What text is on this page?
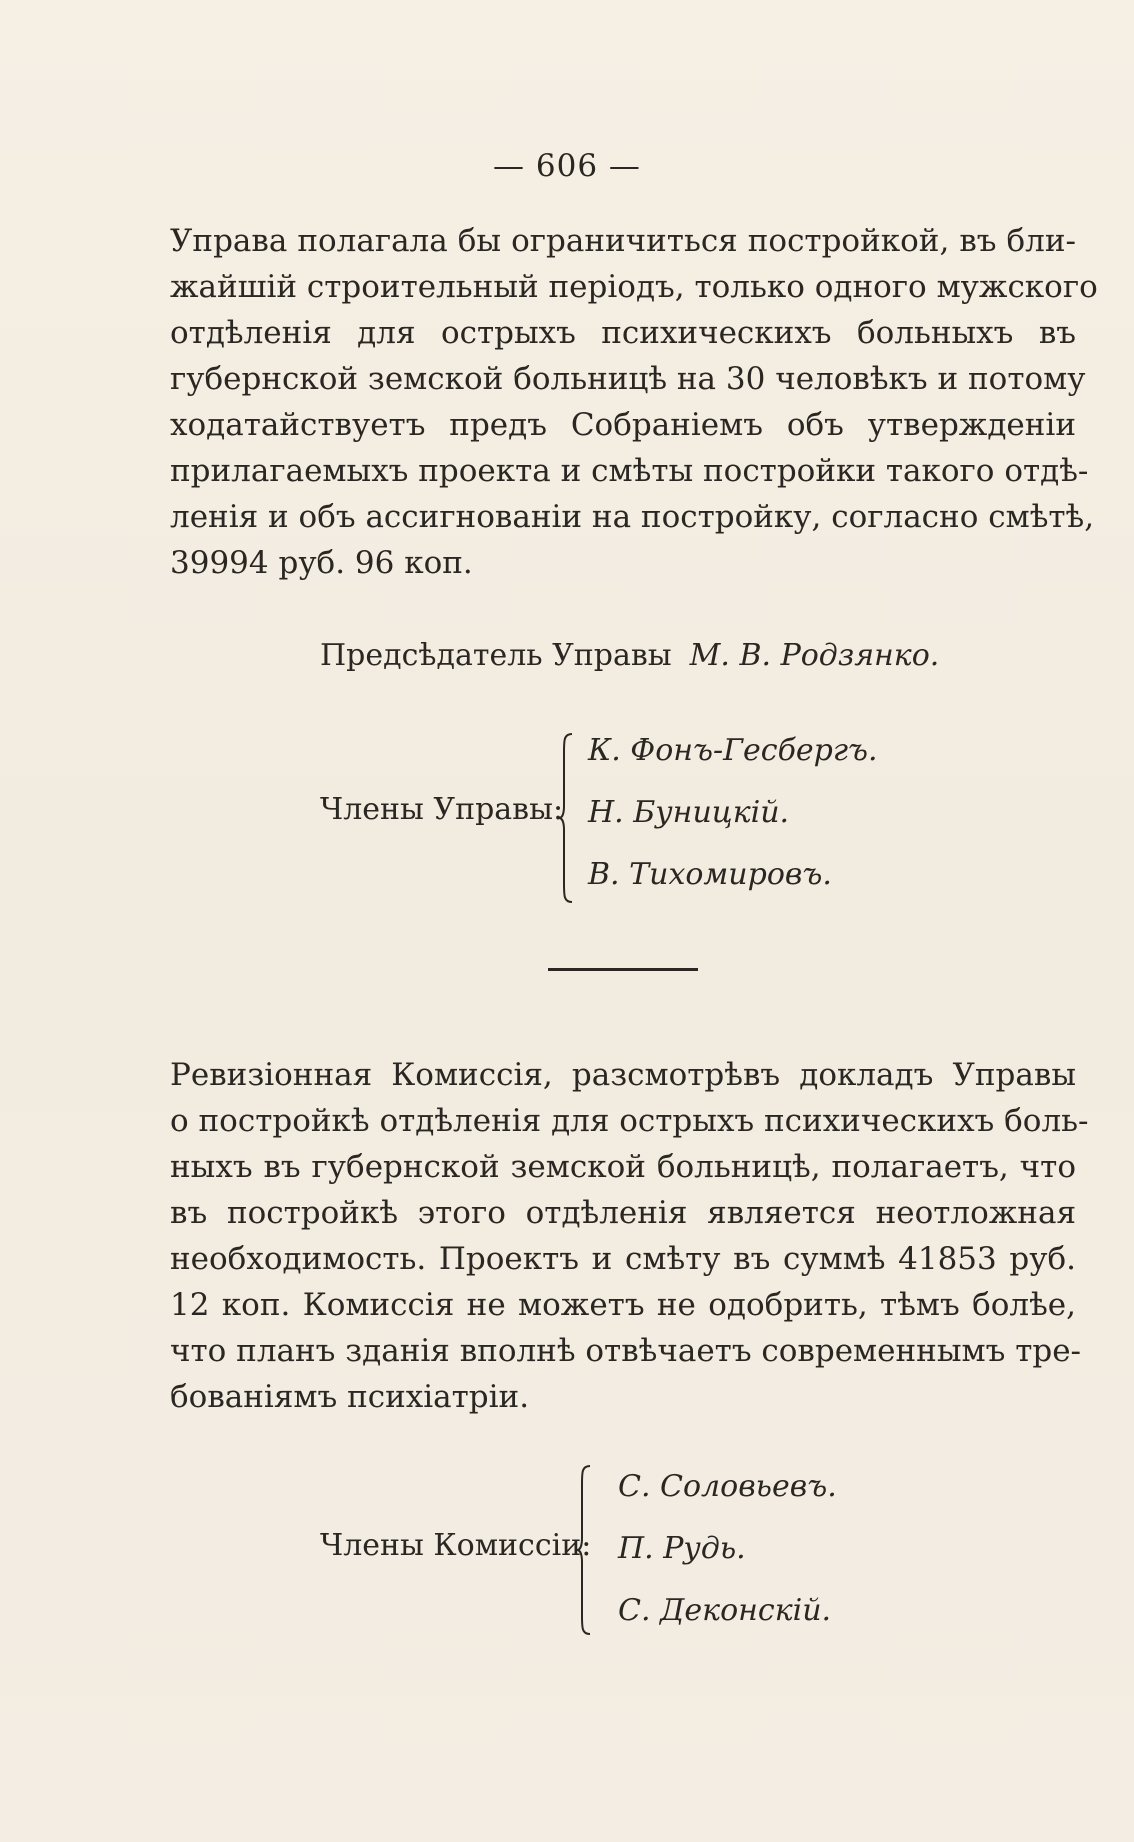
— 606 —
Управа полагала бы ограничиться постройкой, въ бли-
жайшій строительный періодъ, только одного мужского
отдѣленія для острыхъ психическихъ больныхъ въ
губернской земской больницѣ на 30 человѣкъ и потому
ходатайствуетъ предъ Собраніемъ объ утвержденіи
прилагаемыхъ проекта и смѣты постройки такого отдѣ-
ленія и объ ассигнованіи на постройку, согласно смѣтѣ,
39994 руб. 96 коп.
Предсѣдатель Управы М. В. Родзянко.
Члены Управы:
К. Фонъ-Гесбергъ.
Н. Буницкій.
В. Тихомировъ.
Ревизіонная Комиссія, разсмотрѣвъ докладъ Управы
о постройкѣ отдѣленія для острыхъ психическихъ боль-
ныхъ въ губернской земской больницѣ, полагаетъ, что
въ постройкѣ этого отдѣленія является неотложная
необходимость. Проектъ и смѣту въ суммѣ 41853 руб.
12 коп. Комиссія не можетъ не одобрить, тѣмъ болѣе,
что планъ зданія вполнѣ отвѣчаетъ современнымъ тре-
бованіямъ психіатріи.
Члены Комиссіи:
С. Соловьевъ.
П. Рудь.
С. Деконскій.
